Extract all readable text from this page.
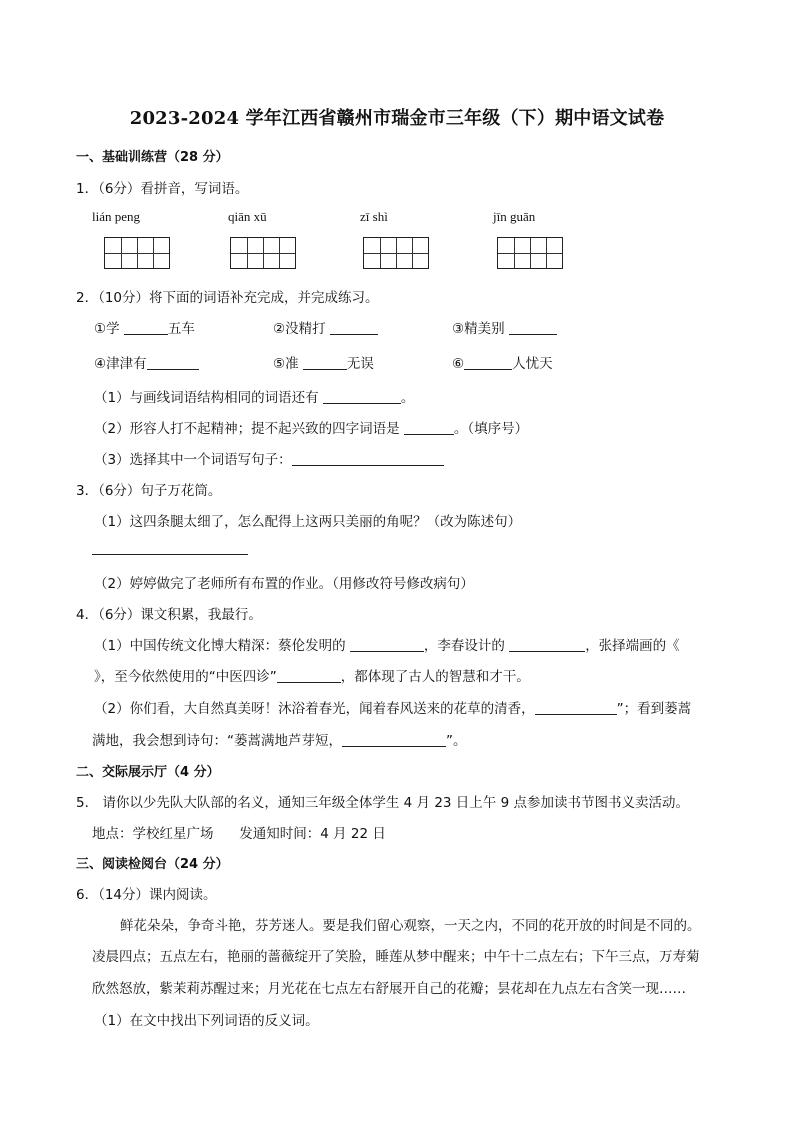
2023-2024 学年江西省赣州市瑞金市三年级（下）期中语文试卷
一、基础训练营（28 分）
1．（6分）看拼音，写词语。
lián peng	qiān xū	zī shì	jīn guān
2．（10分）将下面的词语补充完成，并完成练习。
①学	五车	②没精打	③精美别
④津津有	⑤准	无误	⑥	人忧天
（1）与画线词语结构相同的词语还有	。
（2）形容人打不起精神；提不起兴致的四字词语是	。（填序号）
（3）选择其中一个词语写句子：
3．（6分）句子万花筒。
（1）这四条腿太细了，怎么配得上这两只美丽的角呢？（改为陈述句）
（2）婷婷做完了老师所有布置的作业。（用修改符号修改病句）
4．（6分）课文积累，我最行。
（1）中国传统文化博大精深：蔡伦发明的	，李春设计的	，张择端画的《
》，至今依然使用的“中医四诊”	，都体现了古人的智慧和才干。
（2）你们看，大自然真美呀！沐浴着春光，闻着春风送来的花草的清香，	”；看到蒌蒿
满地，我会想到诗句：“蒌蒿满地芦芽短，	”。
二、交际展示厅（4 分）
5． 请你以少先队大队部的名义，通知三年级全体学生 4 月 23 日上午 9 点参加读书节图书义卖活动。
地点：学校红星广场      发通知时间：4 月 22 日
三、阅读检阅台（24 分）
6．（14分）课内阅读。
鲜花朵朵，争奇斗艳，芬芳迷人。要是我们留心观察，一天之内，不同的花开放的时间是不同的。
凌晨四点；五点左右，艳丽的蔷薇绽开了笑脸，睡莲从梦中醒来；中午十二点左右；下午三点，万寿菊
欣然怒放，紫茉莉苏醒过来；月光花在七点左右舒展开自己的花瓣；昙花却在九点左右含笑一现……
（1）在文中找出下列词语的反义词。
